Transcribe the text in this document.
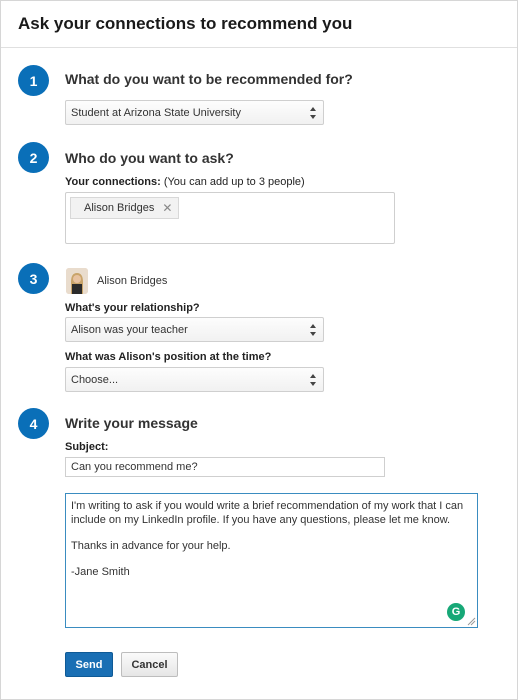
Ask your connections to recommend you
1	What do you want to be recommended for?
Student at Arizona State University
2	Who do you want to ask?
Your connections: (You can add up to 3 people)
Alison Bridges ✕
3	Alison Bridges
What's your relationship?
Alison was your teacher
What was Alison's position at the time?
Choose...
4	Write your message
Subject:
Can you recommend me?

I'm writing to ask if you would write a brief recommendation of my work that I can include on my LinkedIn profile. If you have any questions, please let me know.

Thanks in advance for your help.

-Jane Smith

G
Send	Cancel
